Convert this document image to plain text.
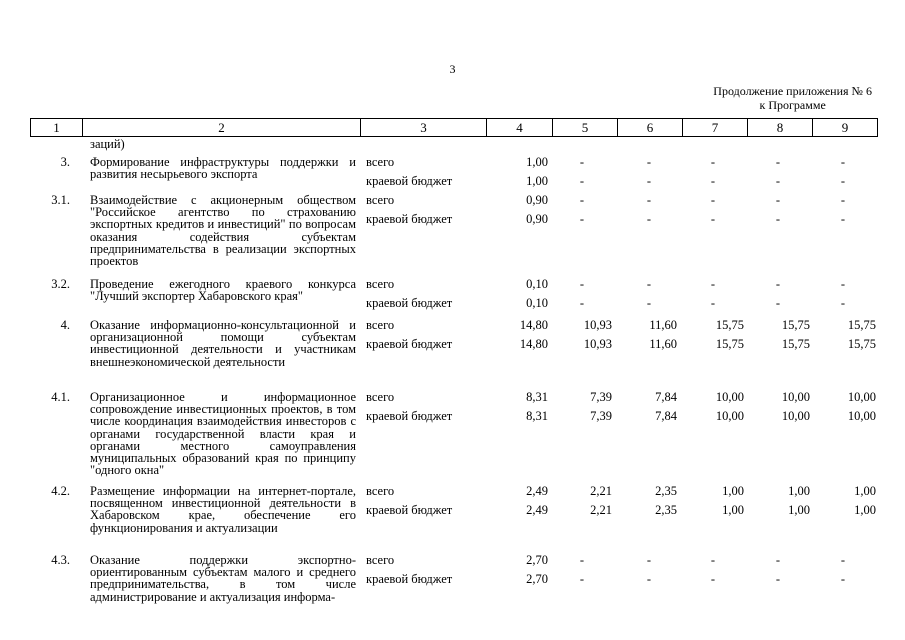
3
Продолжение приложения № 6
к Программе
1	2	3	4	5	6	7	8	9
заций)
3. Формирование инфраструктуры поддержки и развития несырьевого экспорта
всего	1,00	-	-	-	-	-
краевой бюджет	1,00	-	-	-	-	-
3.1. Взаимодействие с акционерным обществом "Российское агентство по страхованию экспортных кредитов и инвестиций" по вопросам оказания содействия субъектам предпринимательства в реализации экспортных проектов
всего	0,90	-	-	-	-	-
краевой бюджет	0,90	-	-	-	-	-
3.2. Проведение ежегодного краевого конкурса "Лучший экспортер Хабаровского края"
всего	0,10	-	-	-	-	-
краевой бюджет	0,10	-	-	-	-	-
4. Оказание информационно-консультационной и организационной помощи субъектам инвестиционной деятельности и участникам внешнеэкономической деятельности
всего	14,80	10,93	11,60	15,75	15,75	15,75
краевой бюджет	14,80	10,93	11,60	15,75	15,75	15,75
4.1. Организационное и информационное сопровождение инвестиционных проектов, в том числе координация взаимодействия инвесторов с органами государственной власти края и органами местного самоуправления муниципальных образований края по принципу "одного окна"
всего	8,31	7,39	7,84	10,00	10,00	10,00
краевой бюджет	8,31	7,39	7,84	10,00	10,00	10,00
4.2. Размещение информации на интернет-портале, посвященном инвестиционной деятельности в Хабаровском крае, обеспечение его функционирования и актуализации
всего	2,49	2,21	2,35	1,00	1,00	1,00
краевой бюджет	2,49	2,21	2,35	1,00	1,00	1,00
4.3. Оказание поддержки экспортно-ориентированным субъектам малого и среднего предпринимательства, в том числе администрирование и актуализация информа-
всего	2,70	-	-	-	-	-
краевой бюджет	2,70	-	-	-	-	-
